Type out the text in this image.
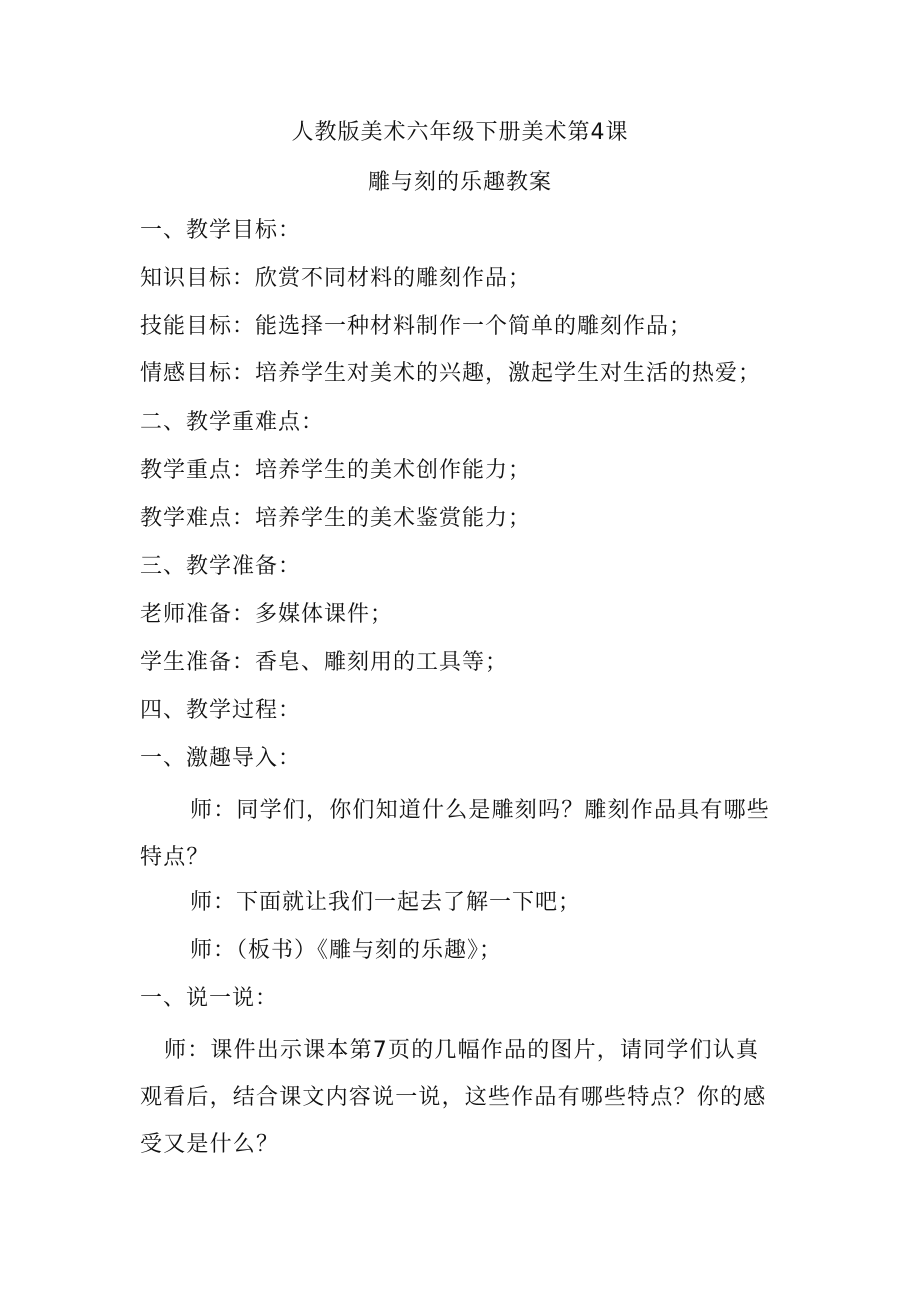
人教版美术六年级下册美术第4课
雕与刻的乐趣教案
一、教学目标：
知识目标：欣赏不同材料的雕刻作品；
技能目标：能选择一种材料制作一个简单的雕刻作品；
情感目标：培养学生对美术的兴趣，激起学生对生活的热爱；
二、教学重难点：
教学重点：培养学生的美术创作能力；
教学难点：培养学生的美术鉴赏能力；
三、教学准备：
老师准备：多媒体课件；
学生准备：香皂、雕刻用的工具等；
四、教学过程：
一、激趣导入：
师：同学们，你们知道什么是雕刻吗？雕刻作品具有哪些特点？
师：下面就让我们一起去了解一下吧；
师：（板书）《雕与刻的乐趣》；
一、说一说：
师：课件出示课本第7页的几幅作品的图片，请同学们认真观看后，结合课文内容说一说，这些作品有哪些特点？你的感受又是什么？
